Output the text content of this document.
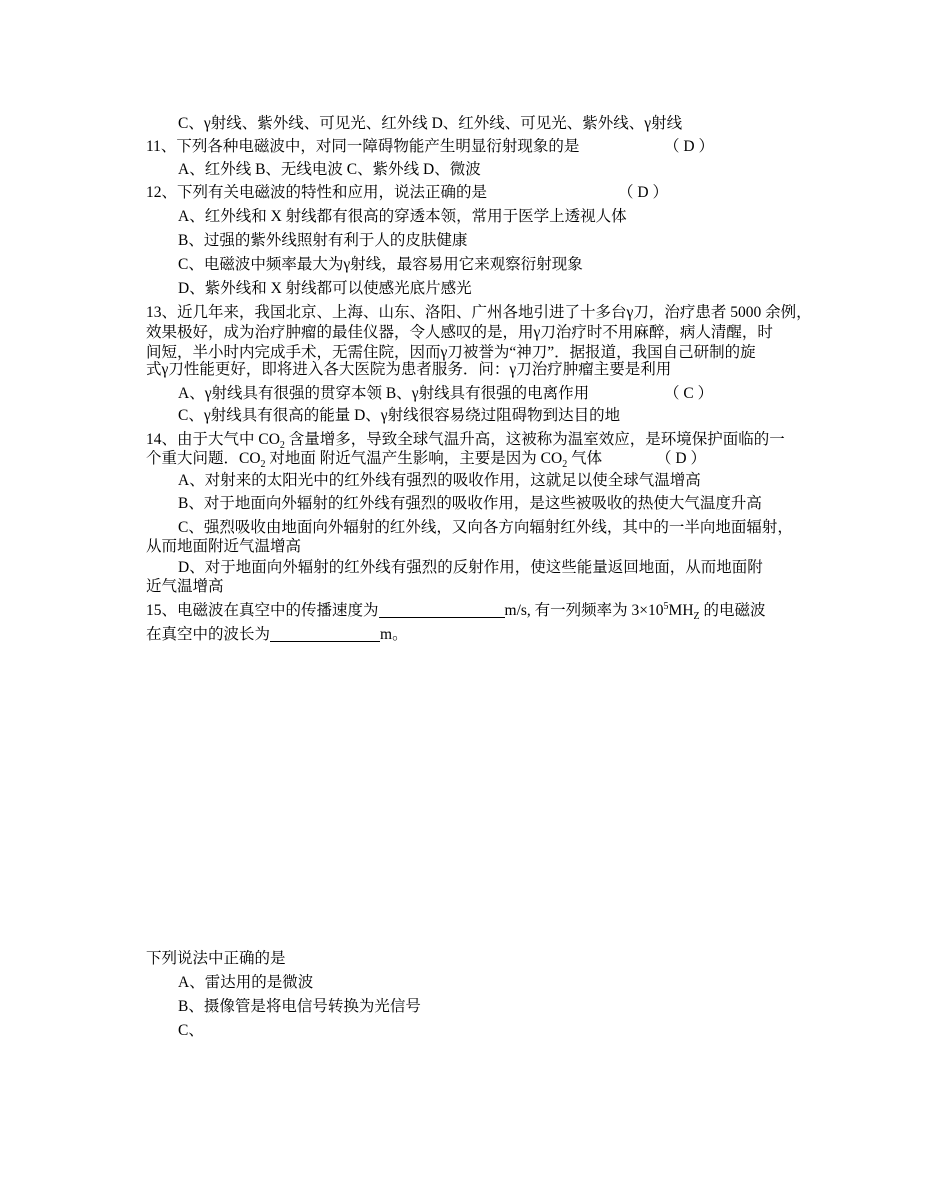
C、γ射线、紫外线、可见光、红外线 D、红外线、可见光、紫外线、γ射线
11、下列各种电磁波中，对同一障碍物能产生明显衍射现象的是	（ D ）
A、红外线 B、无线电波 C、紫外线 D、微波
12、下列有关电磁波的特性和应用，说法正确的是	（ D ）
A、红外线和 X 射线都有很高的穿透本领，常用于医学上透视人体
B、过强的紫外线照射有利于人的皮肤健康
C、电磁波中频率最大为γ射线，最容易用它来观察衍射现象
D、紫外线和 X 射线都可以使感光底片感光
13、近几年来，我国北京、上海、山东、洛阳、广州各地引进了十多台γ刀，治疗患者 5000 余例，
效果极好，成为治疗肿瘤的最佳仪器，令人感叹的是，用γ刀治疗时不用麻醉，病人清醒，时
间短，半小时内完成手术，无需住院，因而γ刀被誉为“神刀”．据报道，我国自己研制的旋
式γ刀性能更好，即将进入各大医院为患者服务．问：γ刀治疗肿瘤主要是利用
A、γ射线具有很强的贯穿本领 B、γ射线具有很强的电离作用	（ C ）
C、γ射线具有很高的能量 D、γ射线很容易绕过阻碍物到达目的地
14、由于大气中 $CO_2$ 含量增多，导致全球气温升高，这被称为温室效应，是环境保护面临的一
个重大问题．$CO_2$ 对地面 附近气温产生影响，主要是因为 $CO_2$ 气体	（ D ）
A、对射来的太阳光中的红外线有强烈的吸收作用，这就足以使全球气温增高
B、对于地面向外辐射的红外线有强烈的吸收作用，是这些被吸收的热使大气温度升高
C、强烈吸收由地面向外辐射的红外线，又向各方向辐射红外线，其中的一半向地面辐射，
从而地面附近气温增高
D、对于地面向外辐射的红外线有强烈的反射作用，使这些能量返回地面，从而地面附
近气温增高
15、电磁波在真空中的传播速度为	m/s, 有一列频率为 $3\times 10^5MH_Z$ 的电磁波
在真空中的波长为	m。
下列说法中正确的是
A、雷达用的是微波
B、摄像管是将电信号转换为光信号
C、
